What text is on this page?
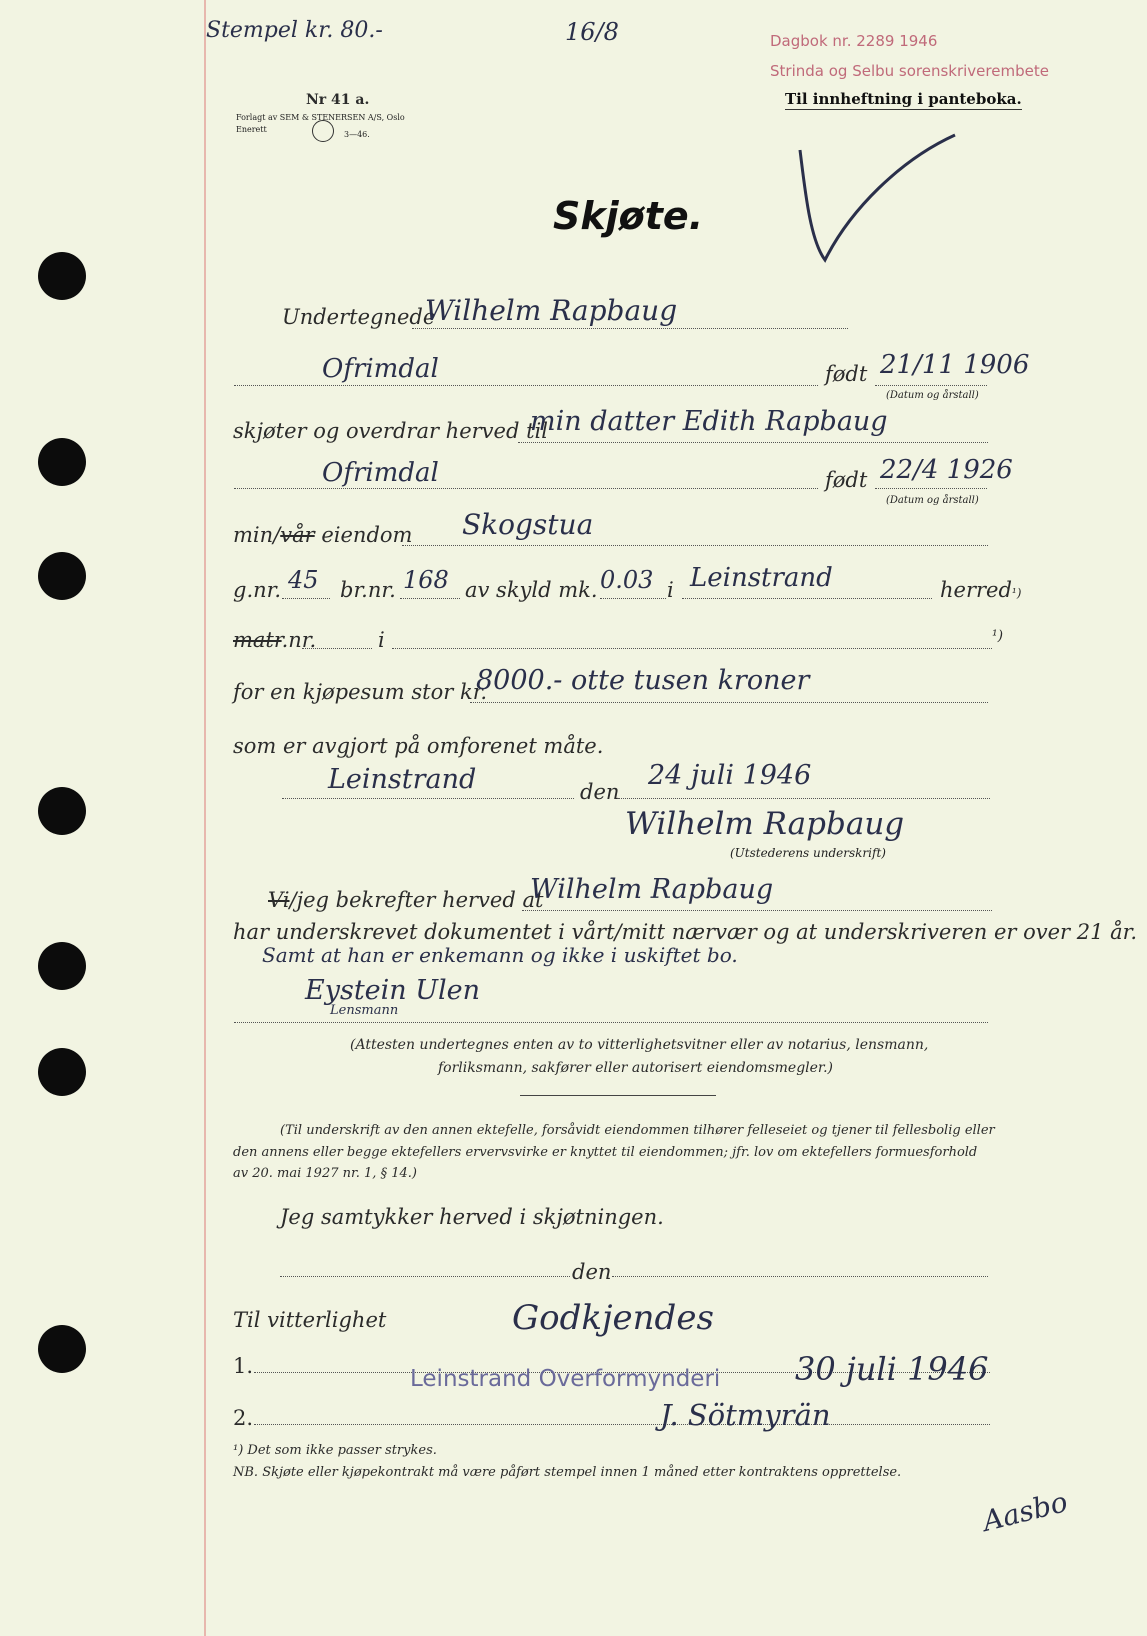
Stempel kr. 80.-	16/8	Dagbok nr. 2289 1946
Strinda og Selbu sorenskriverembete
Til innheftning i panteboka.
Nr 41 a.
Forlagt av SEM & STENERSEN A/S, Oslo
Enerett
3—46.
Skjøte.
Undertegnede
Wilhelm Rapbaug
Ofrimdal	født 21/11 1906
(Datum og årstall)
skjøter og overdrar herved til
min datter Edith Rapbaug
Ofrimdal	født 22/4 1926
(Datum og årstall)
min/vår eiendom Skogstua
g.nr. 45 br.nr. 168 av skyld mk. 0.03 i Leinstrand	herred¹)
matr.nr.	i	¹)
for en kjøpesum stor kr.
8000.- otte tusen kroner
som er avgjort på omforenet måte.
Leinstrand	den
24 juli 1946
Wilhelm Rapbaug
(Utstederens underskrift)
Vi/jeg bekrefter herved at
Wilhelm Rapbaug
har underskrevet dokumentet i vårt/mitt nærvær og at underskriveren er over 21 år.
Samt at han er enkemann og ikke i uskiftet bo.
Eystein Ulen
Lensmann
(Attesten undertegnes enten av to vitterlighetsvitner eller av notarius, lensmann,
forliksmann, sakfører eller autorisert eiendomsmegler.)
(Til underskrift av den annen ektefelle, forsåvidt eiendommen tilhører felleseiet og tjener til fellesbolig eller
den annens eller begge ektefellers ervervsvirke er knyttet til eiendommen; jfr. lov om ektefellers formuesforhold
av 20. mai 1927 nr. 1, § 14.)
Jeg samtykker herved i skjøtningen.
den
Til vitterlighet	Godkjendes
1.	Leinstrand Overformynderi 30 juli 1946
2.	J. Sötmyrän
¹) Det som ikke passer strykes.
NB. Skjøte eller kjøpekontrakt må være påført stempel innen 1 måned etter kontraktens opprettelse.
Aasbo
